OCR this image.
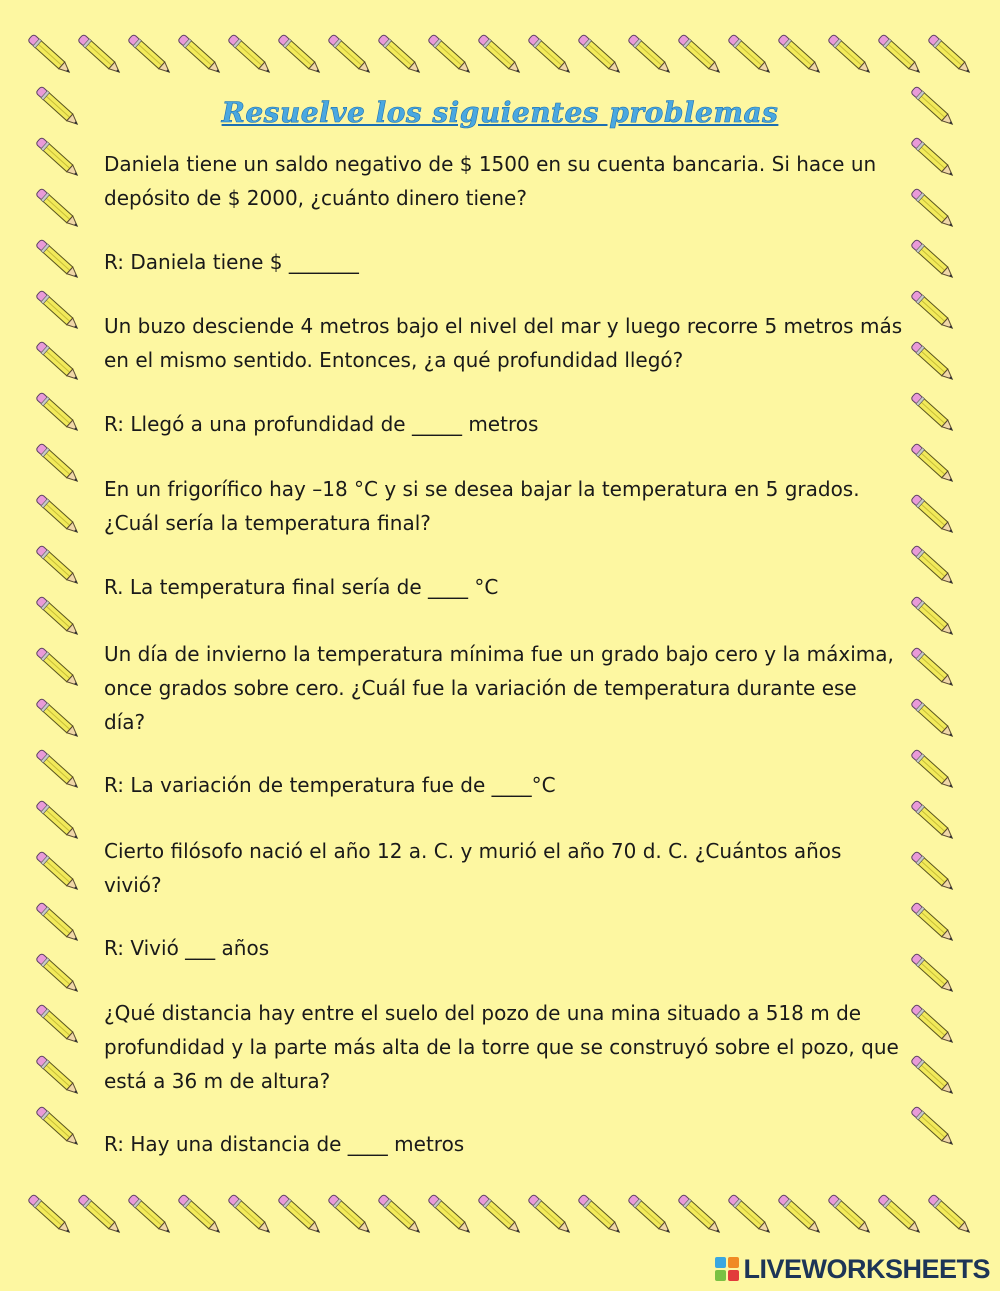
Resuelve los siguientes problemas

Daniela tiene un saldo negativo de $ 1500 en su cuenta bancaria. Si hace un depósito de $ 2000, ¿cuánto dinero tiene?

R: Daniela tiene $ _______

Un buzo desciende 4 metros bajo el nivel del mar y luego recorre 5 metros más en el mismo sentido. Entonces, ¿a qué profundidad llegó?

R: Llegó a una profundidad de _____ metros

En un frigorífico hay –18 °C y si se desea bajar la temperatura en 5 grados. ¿Cuál sería la temperatura final?

R. La temperatura final sería de ____ °C

Un día de invierno la temperatura mínima fue un grado bajo cero y la máxima, once grados sobre cero. ¿Cuál fue la variación de temperatura durante ese día?

R: La variación de temperatura fue de ____°C

Cierto filósofo nació el año 12 a. C. y murió el año 70 d. C. ¿Cuántos años vivió?

R: Vivió ___ años

¿Qué distancia hay entre el suelo del pozo de una mina situado a 518 m de profundidad y la parte más alta de la torre que se construyó sobre el pozo, que está a 36 m de altura?

R: Hay una distancia de ____ metros

LIVEWORKSHEETS
